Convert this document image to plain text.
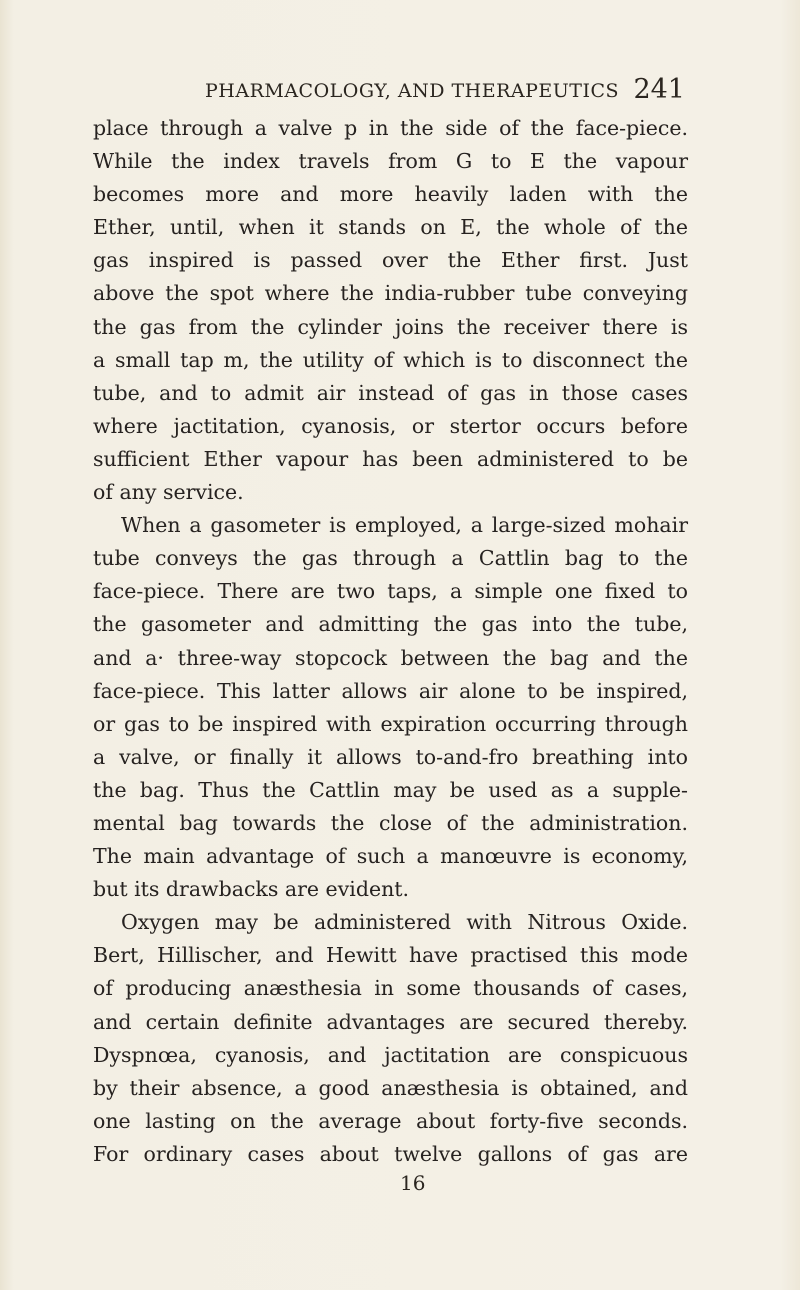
PHARMACOLOGY, AND THERAPEUTICS 241
place through a valve p in the side of the face-piece.
While the index travels from G to E the vapour
becomes more and more heavily laden with the
Ether, until, when it stands on E, the whole of the
gas inspired is passed over the Ether first. Just
above the spot where the india-rubber tube conveying
the gas from the cylinder joins the receiver there is
a small tap m, the utility of which is to disconnect the
tube, and to admit air instead of gas in those cases
where jactitation, cyanosis, or stertor occurs before
sufficient Ether vapour has been administered to be
of any service.
When a gasometer is employed, a large-sized mohair
tube conveys the gas through a Cattlin bag to the
face-piece. There are two taps, a simple one fixed to
the gasometer and admitting the gas into the tube,
and a· three-way stopcock between the bag and the
face-piece. This latter allows air alone to be inspired,
or gas to be inspired with expiration occurring through
a valve, or finally it allows to-and-fro breathing into
the bag. Thus the Cattlin may be used as a supple-
mental bag towards the close of the administration.
The main advantage of such a manœuvre is economy,
but its drawbacks are evident.
Oxygen may be administered with Nitrous Oxide.
Bert, Hillischer, and Hewitt have practised this mode
of producing anæsthesia in some thousands of cases,
and certain definite advantages are secured thereby.
Dyspnœa, cyanosis, and jactitation are conspicuous
by their absence, a good anæsthesia is obtained, and
one lasting on the average about forty-five seconds.
For ordinary cases about twelve gallons of gas are
16
